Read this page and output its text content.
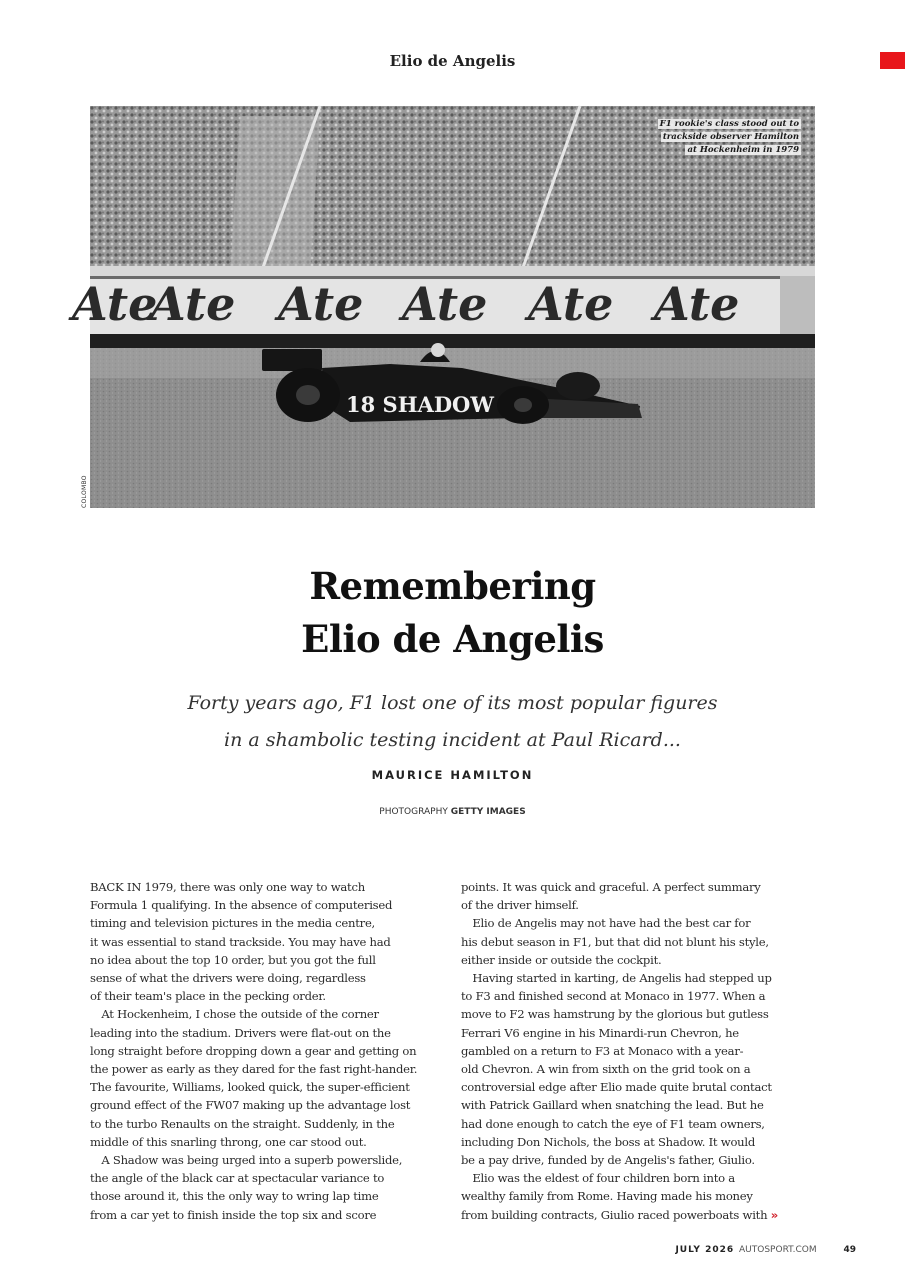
Elio de Angelis
Ate
Ate Ate Ate Ate Ate
18 SHADOW
F1 rookie's class stood out to
trackside observer Hamilton
at Hockenheim in 1979
COLOMBO
Remembering
Elio de Angelis
Forty years ago, F1 lost one of its most popular figures
in a shambolic testing incident at Paul Ricard...
MAURICE HAMILTON
PHOTOGRAPHY GETTY IMAGES

BACK IN 1979, there was only one way to watch

Formula 1 qualifying. In the absence of computerised

timing and television pictures in the media centre,

it was essential to stand trackside. You may have had

no idea about the top 10 order, but you got the full

sense of what the drivers were doing, regardless

of their team's place in the pecking order.

 At Hockenheim, I chose the outside of the corner

leading into the stadium. Drivers were flat-out on the

long straight before dropping down a gear and getting on

the power as early as they dared for the fast right-hander.

The favourite, Williams, looked quick, the super-efficient

ground effect of the FW07 making up the advantage lost

to the turbo Renaults on the straight. Suddenly, in the

middle of this snarling throng, one car stood out.

 A Shadow was being urged into a superb powerslide,

the angle of the black car at spectacular variance to

those around it, this the only way to wring lap time

from a car yet to finish inside the top six and score

points. It was quick and graceful. A perfect summary

of the driver himself.

 Elio de Angelis may not have had the best car for

his debut season in F1, but that did not blunt his style,

either inside or outside the cockpit.

 Having started in karting, de Angelis had stepped up

to F3 and finished second at Monaco in 1977. When a

move to F2 was hamstrung by the glorious but gutless

Ferrari V6 engine in his Minardi-run Chevron, he

gambled on a return to F3 at Monaco with a year-

old Chevron. A win from sixth on the grid took on a

controversial edge after Elio made quite brutal contact

with Patrick Gaillard when snatching the lead. But he

had done enough to catch the eye of F1 team owners,

including Don Nichols, the boss at Shadow. It would

be a pay drive, funded by de Angelis's father, Giulio.

 Elio was the eldest of four children born into a

wealthy family from Rome. Having made his money

from building contracts, Giulio raced powerboats with »

JULY 2026 AUTOSPORT.COM	49
